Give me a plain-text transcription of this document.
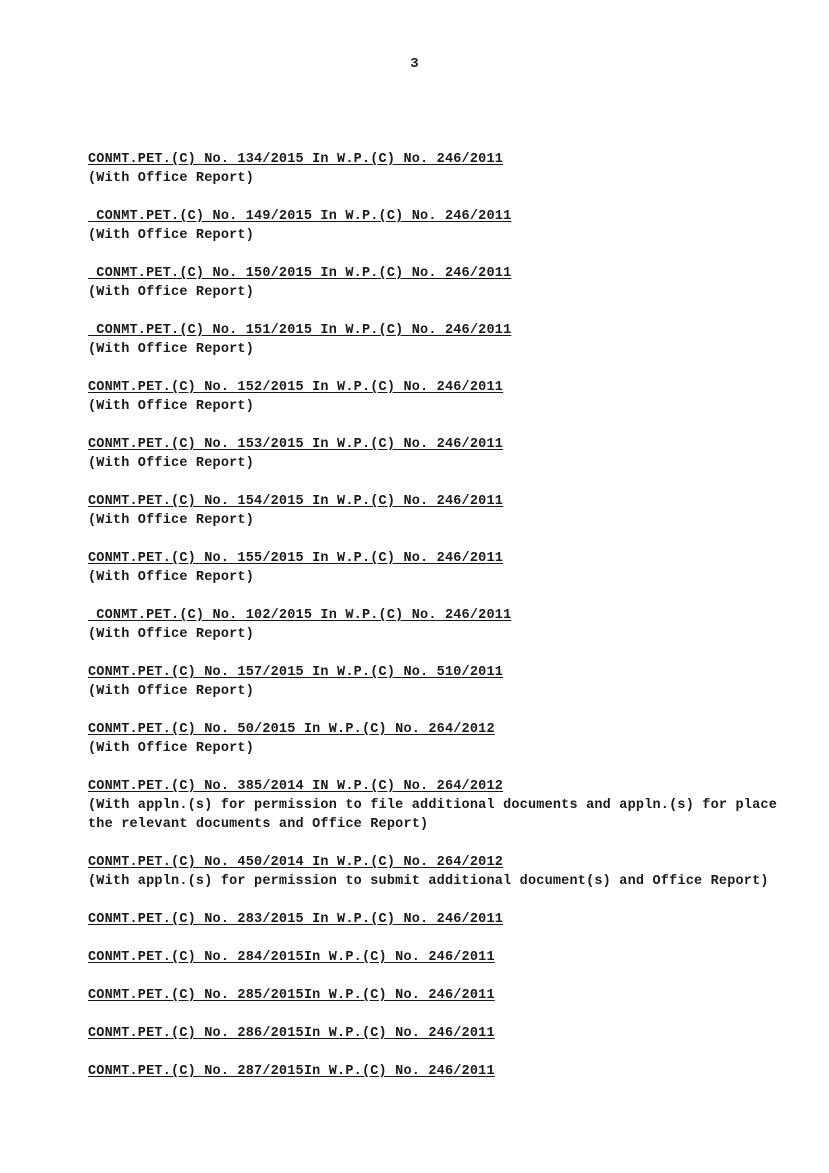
3
CONMT.PET.(C) No. 134/2015 In W.P.(C) No. 246/2011
(With Office Report)
CONMT.PET.(C) No. 149/2015 In W.P.(C) No. 246/2011
(With Office Report)
CONMT.PET.(C) No. 150/2015 In W.P.(C) No. 246/2011
(With Office Report)
CONMT.PET.(C) No. 151/2015 In W.P.(C) No. 246/2011
(With Office Report)
CONMT.PET.(C) No. 152/2015 In W.P.(C) No. 246/2011
(With Office Report)
CONMT.PET.(C) No. 153/2015 In W.P.(C) No. 246/2011
(With Office Report)
CONMT.PET.(C) No. 154/2015 In W.P.(C) No. 246/2011
(With Office Report)
CONMT.PET.(C) No. 155/2015 In W.P.(C) No. 246/2011
(With Office Report)
CONMT.PET.(C) No. 102/2015 In W.P.(C) No. 246/2011
(With Office Report)
CONMT.PET.(C) No. 157/2015 In W.P.(C) No. 510/2011
(With Office Report)
CONMT.PET.(C) No. 50/2015 In W.P.(C) No. 264/2012
(With Office Report)
CONMT.PET.(C) No. 385/2014 IN W.P.(C) No. 264/2012
(With appln.(s) for permission to file additional documents and appln.(s) for place the relevant documents and Office Report)
CONMT.PET.(C) No. 450/2014 In W.P.(C) No. 264/2012
(With appln.(s) for permission to submit additional document(s) and Office Report)
CONMT.PET.(C) No. 283/2015 In W.P.(C) No. 246/2011
CONMT.PET.(C) No. 284/2015In W.P.(C) No. 246/2011
CONMT.PET.(C) No. 285/2015In W.P.(C) No. 246/2011
CONMT.PET.(C) No. 286/2015In W.P.(C) No. 246/2011
CONMT.PET.(C) No. 287/2015In W.P.(C) No. 246/2011
